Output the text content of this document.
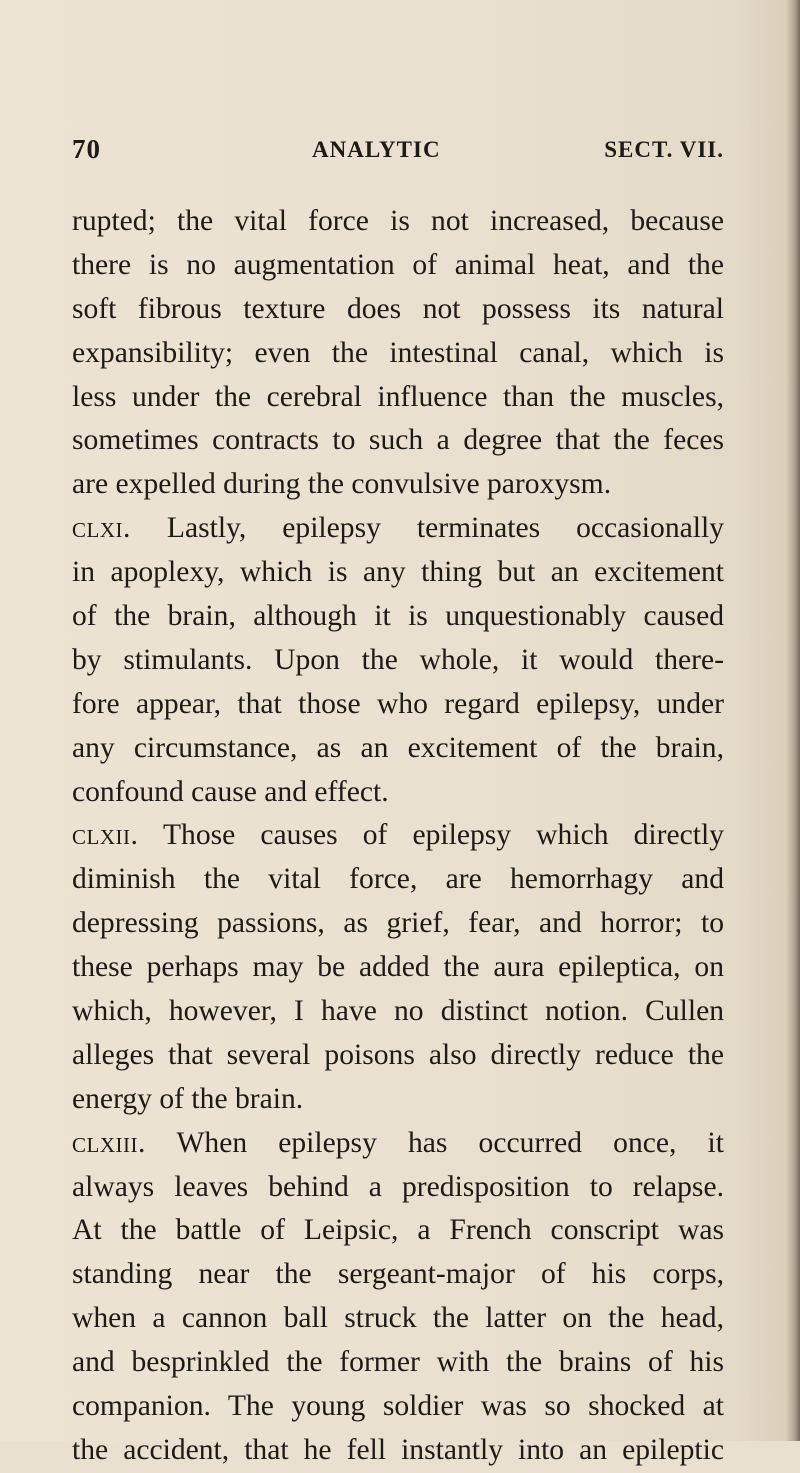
70	ANALYTIC	SECT. VII.
rupted; the vital force is not increased, because
there is no augmentation of animal heat, and the
soft fibrous texture does not possess its natural
expansibility; even the intestinal canal, which is
less under the cerebral influence than the muscles,
sometimes contracts to such a degree that the feces
are expelled during the convulsive paroxysm.
clxi. Lastly, epilepsy terminates occasionally
in apoplexy, which is any thing but an excitement
of the brain, although it is unquestionably caused
by stimulants. Upon the whole, it would there-
fore appear, that those who regard epilepsy, under
any circumstance, as an excitement of the brain,
confound cause and effect.
clxii. Those causes of epilepsy which directly
diminish the vital force, are hemorrhagy and
depressing passions, as grief, fear, and horror; to
these perhaps may be added the aura epileptica, on
which, however, I have no distinct notion. Cullen
alleges that several poisons also directly reduce the
energy of the brain.
clxiii. When epilepsy has occurred once, it
always leaves behind a predisposition to relapse.
At the battle of Leipsic, a French conscript was
standing near the sergeant-major of his corps,
when a cannon ball struck the latter on the head,
and besprinkled the former with the brains of his
companion. The young soldier was so shocked at
the accident, that he fell instantly into an epileptic
